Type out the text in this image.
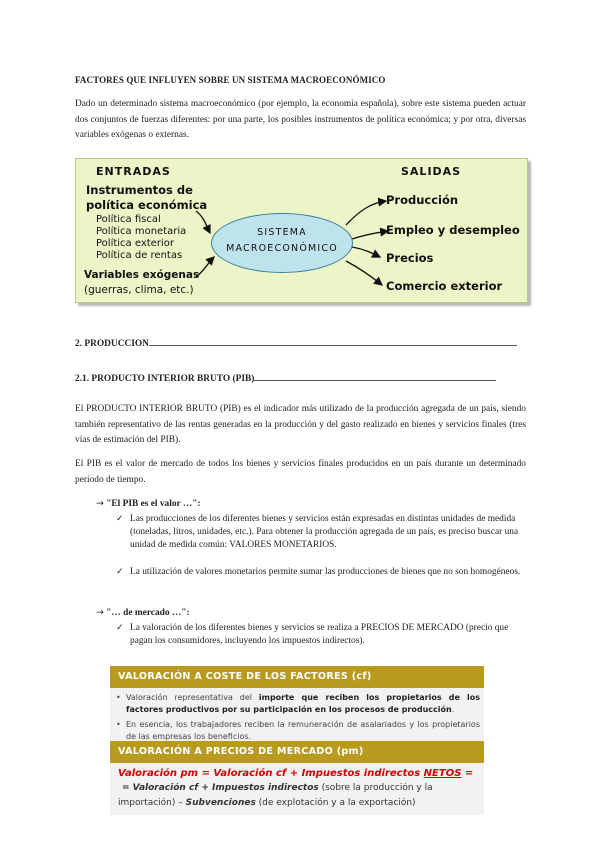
FACTORES QUE INFLUYEN SOBRE UN SISTEMA MACROECONÓMICO

Dado un determinado sistema macroeconómico (por ejemplo, la economía española), sobre este sistema pueden actuar dos conjuntos de fuerzas diferentes: por una parte, los posibles instrumentos de política económica; y por otra, diversas variables exógenas o externas.

ENTRADAS	SALIDAS
Instrumentos de
política económica
Política fiscal
Política monetaria
Política exterior
Política de rentas
Variables exógenas
(guerras, clima, etc.)
SISTEMA
MACROECONÓMICO
Producción
Empleo y desempleo
Precios
Comercio exterior
2. PRODUCCIÓN
2.1. PRODUCTO INTERIOR BRUTO (PIB)

El PRODUCTO INTERIOR BRUTO (PIB) es el indicador más utilizado de la producción agregada de un país, siendo también representativo de las rentas generadas en la producción y del gasto realizado en bienes y servicios finales (tres vías de estimación del PIB).

El PIB es el valor de mercado de todos los bienes y servicios finales producidos en un país durante un determinado período de tiempo.

→ "El PIB es el valor …":
✓ Las producciones de los diferentes bienes y servicios están expresadas en distintas unidades de medida (toneladas, litros, unidades, etc.). Para obtener la producción agregada de un país, es preciso buscar una unidad de medida común: VALORES MONETARIOS.
✓ La utilización de valores monetarios permite sumar las producciones de bienes que no son homogéneos.
→ "… de mercado …":
✓ La valoración de los diferentes bienes y servicios se realiza a PRECIOS DE MERCADO (precio que pagan los consumidores, incluyendo los impuestos indirectos).
VALORACIÓN A COSTE DE LOS FACTORES (cf)
• Valoración representativa del importe que reciben los propietarios de los factores productivos por su participación en los procesos de producción.
• En esencia, los trabajadores reciben la remuneración de asalariados y los propietarios de las empresas los beneficios.
VALORACIÓN A PRECIOS DE MERCADO (pm)
Valoración pm = Valoración cf + Impuestos indirectos NETOS =
= Valoración cf + Impuestos indirectos (sobre la producción y la
importación) – Subvenciones (de explotación y a la exportación)
